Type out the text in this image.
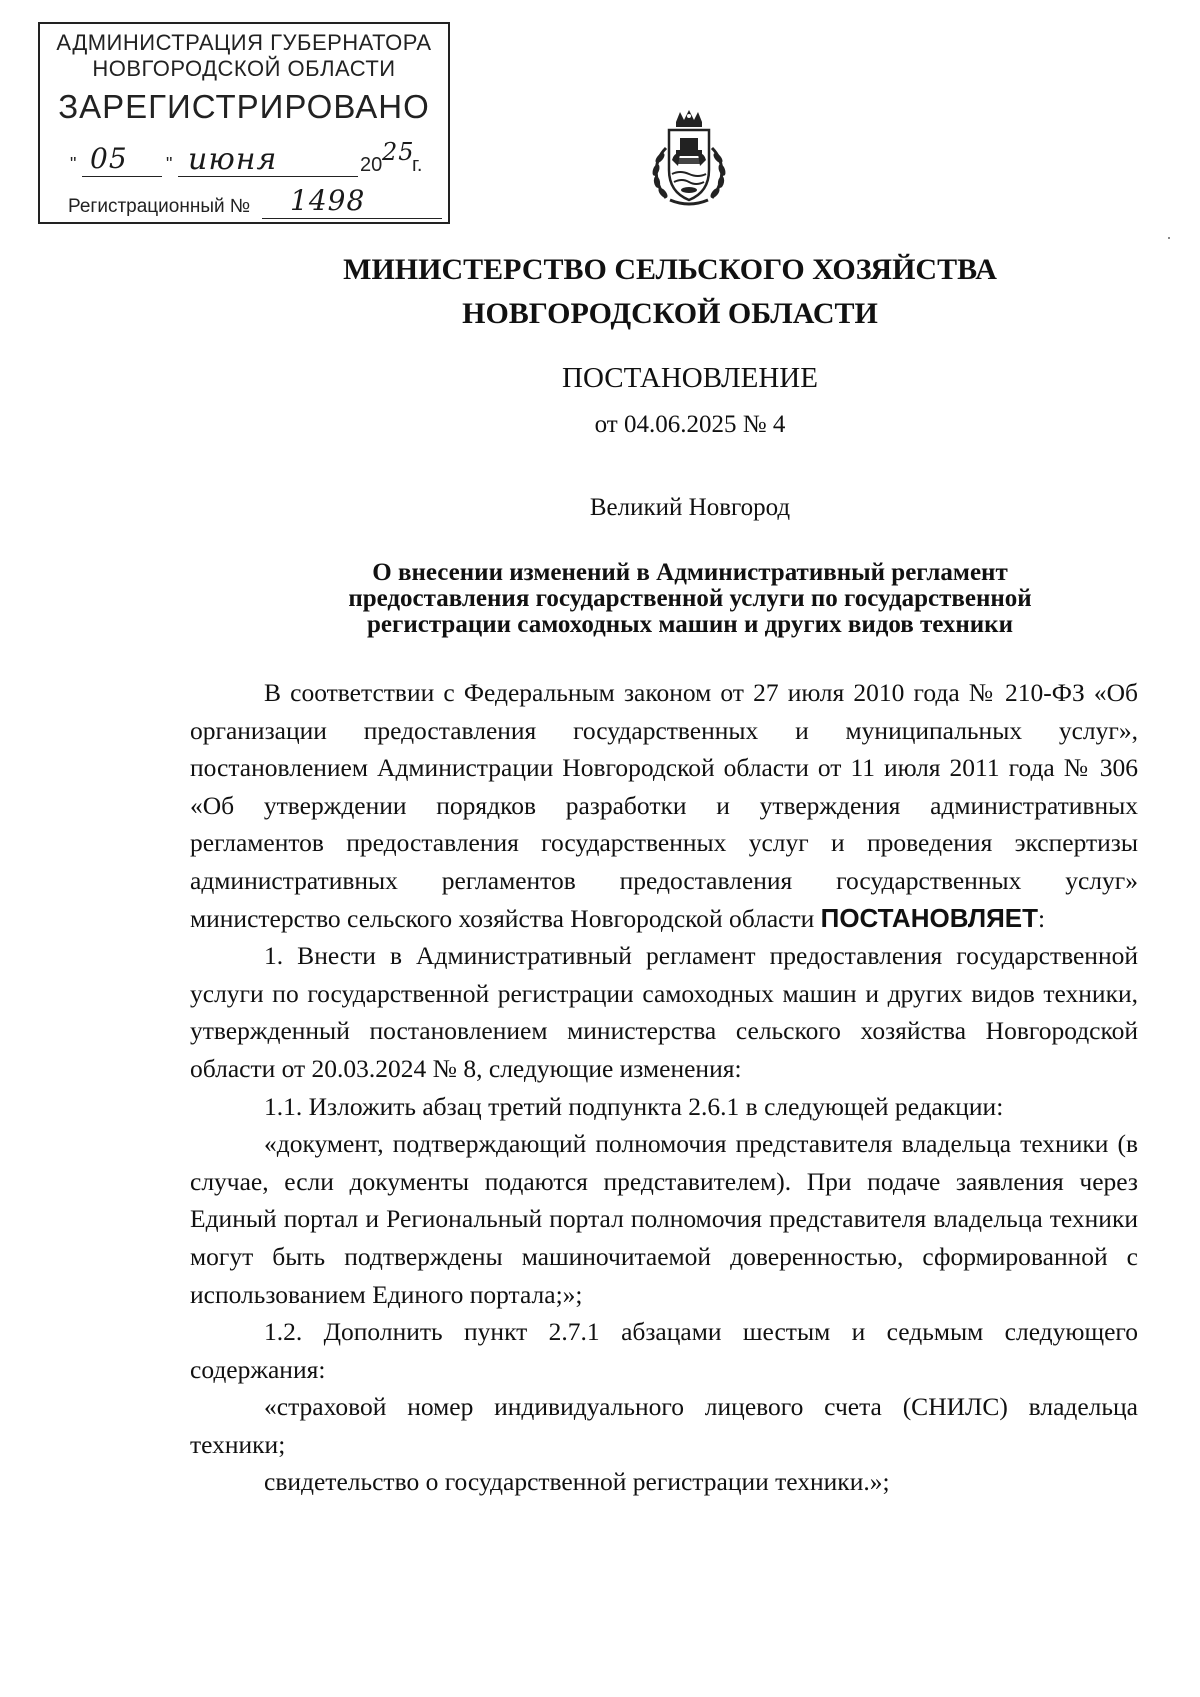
АДМИНИСТРАЦИЯ ГУБЕРНАТОРА
НОВГОРОДСКОЙ ОБЛАСТИ
ЗАРЕГИСТРИРОВАНО
" 05 " июня	20 25
г.
Регистрационный № 1498
МИНИСТЕРСТВО СЕЛЬСКОГО ХОЗЯЙСТВА
НОВГОРОДСКОЙ ОБЛАСТИ
ПОСТАНОВЛЕНИЕ
от 04.06.2025 № 4
Великий Новгород
О внесении изменений в Административный регламент
предоставления государственной услуги по государственной
регистрации самоходных машин и других видов техники

В соответствии с Федеральным законом от 27 июля 2010 года № 210-ФЗ «Об организации предоставления государственных и муниципальных услуг», постановлением Администрации Новгородской области от 11 июля 2011 года № 306 «Об утверждении порядков разработки и утверждения административных регламентов предоставления государственных услуг и проведения экспертизы административных регламентов предоставления государственных услуг» министерство сельского хозяйства Новгородской области ПОСТАНОВЛЯЕТ:

1. Внести в Административный регламент предоставления государственной услуги по государственной регистрации самоходных машин и других видов техники, утвержденный постановлением министерства сельского хозяйства Новгородской области от 20.03.2024 № 8, следующие изменения:

1.1. Изложить абзац третий подпункта 2.6.1 в следующей редакции:

«документ, подтверждающий полномочия представителя владельца техники (в случае, если документы подаются представителем). При подаче заявления через Единый портал и Региональный портал полномочия представителя владельца техники могут быть подтверждены машиночитаемой доверенностью, сформированной с использованием Единого портала;»;

1.2. Дополнить пункт 2.7.1 абзацами шестым и седьмым следующего содержания:

«страховой номер индивидуального лицевого счета (СНИЛС) владельца техники;

свидетельство о государственной регистрации техники.»;
